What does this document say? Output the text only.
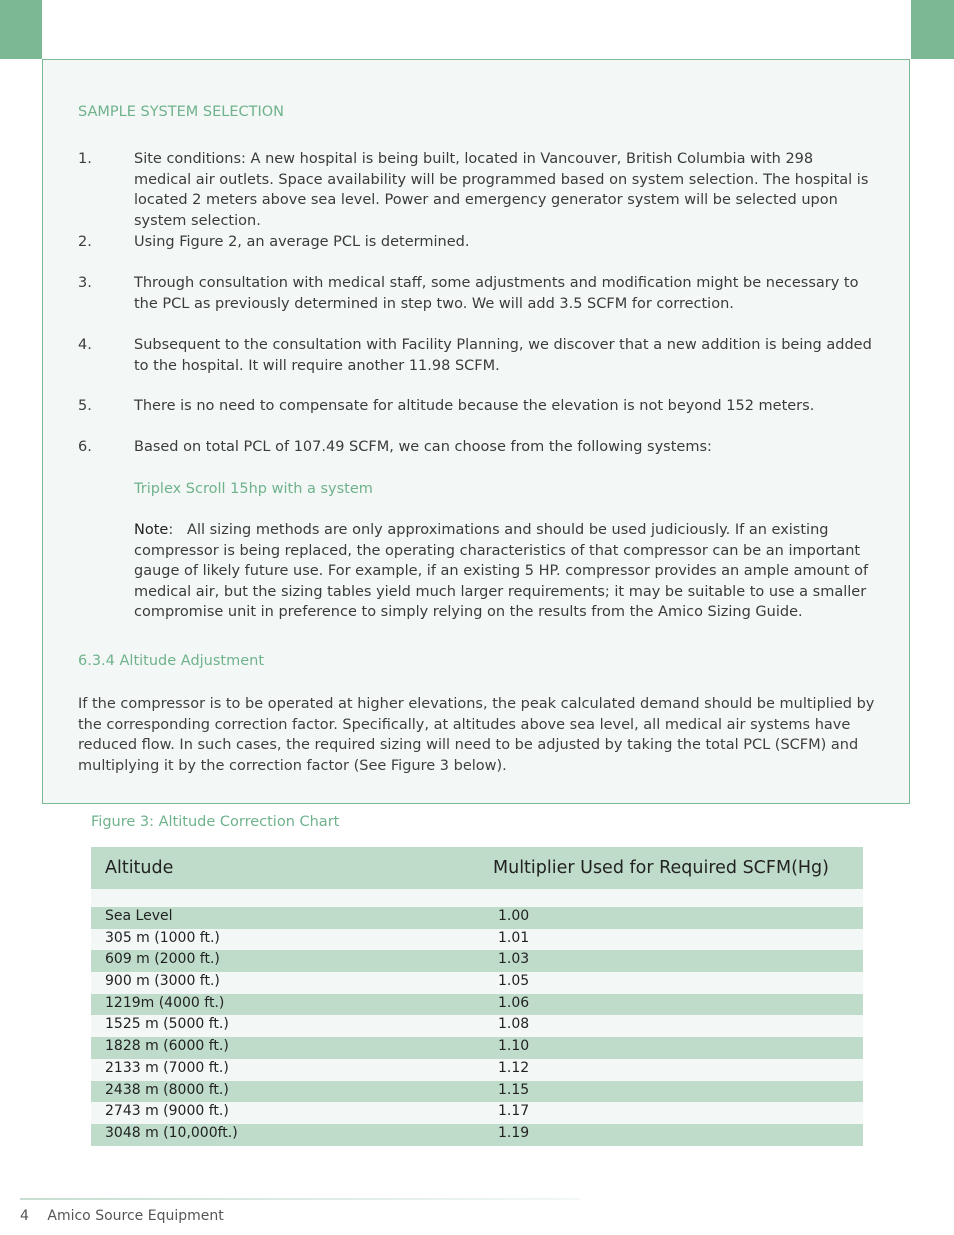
SAMPLE SYSTEM SELECTION
1.	Site conditions: A new hospital is being built, located in Vancouver, British Columbia with 298 medical air outlets. Space availability will be programmed based on system selection. The hospital is located 2 meters above sea level. Power and emergency generator system will be selected upon system selection.
2.	Using Figure 2, an average PCL is determined.
3.	Through consultation with medical staff, some adjustments and modification might be necessary to the PCL as previously determined in step two. We will add 3.5 SCFM for correction.
4.	Subsequent to the consultation with Facility Planning, we discover that a new addition is being added to the hospital. It will require another 11.98 SCFM.
5.	There is no need to compensate for altitude because the elevation is not beyond 152 meters.
6.	Based on total PCL of 107.49 SCFM, we can choose from the following systems:
Triplex Scroll 15hp with a system
Note:   All sizing methods are only approximations and should be used judiciously. If an existing compressor is being replaced, the operating characteristics of that compressor can be an important gauge of likely future use. For example, if an existing 5 HP. compressor provides an ample amount of medical air, but the sizing tables yield much larger requirements; it may be suitable to use a smaller compromise unit in preference to simply relying on the results from the Amico Sizing Guide.
6.3.4 Altitude Adjustment
If the compressor is to be operated at higher elevations, the peak calculated demand should be multiplied by the corresponding correction factor. Specifically, at altitudes above sea level, all medical air systems have reduced flow. In such cases, the required sizing will need to be adjusted by taking the total PCL (SCFM) and multiplying it by the correction factor (See Figure 3 below).
Figure 3: Altitude Correction Chart
Altitude	Multiplier Used for Required SCFM(Hg)
Sea Level	1.00
305 m (1000 ft.)	1.01
609 m (2000 ft.)	1.03
900 m (3000 ft.)	1.05
1219m (4000 ft.)	1.06
1525 m (5000 ft.)	1.08
1828 m (6000 ft.)	1.10
2133 m (7000 ft.)	1.12
2438 m (8000 ft.)	1.15
2743 m (9000 ft.)	1.17
3048 m (10,000ft.)	1.19
4 Amico Source Equipment
